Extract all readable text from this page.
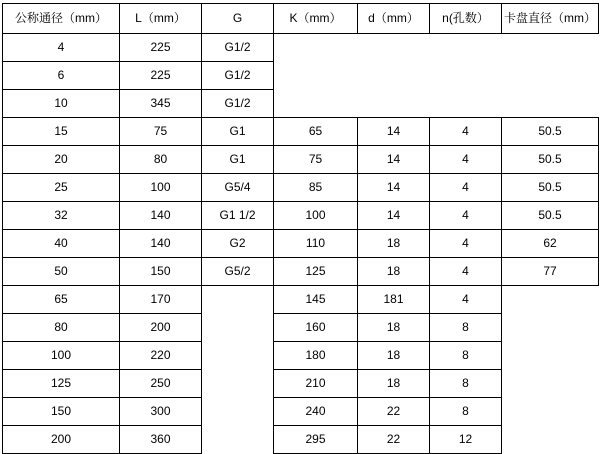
公称通径（mm）	L（mm）	G	K（mm）	d（mm）	n(孔数）	卡盘直径（mm）
4	225	G1/2				
6	225	G1/2				
10	345	G1/2				
15	75	G1	65	14	4	50.5
20	80	G1	75	14	4	50.5
25	100	G5/4	85	14	4	50.5
32	140	G1 1/2	100	14	4	50.5
40	140	G2	110	18	4	62
50	150	G5/2	125	18	4	77
65	170		145	181	4	
80	200		160	18	8	
100	220		180	18	8	
125	250		210	18	8	
150	300		240	22	8	
200	360		295	22	12	
